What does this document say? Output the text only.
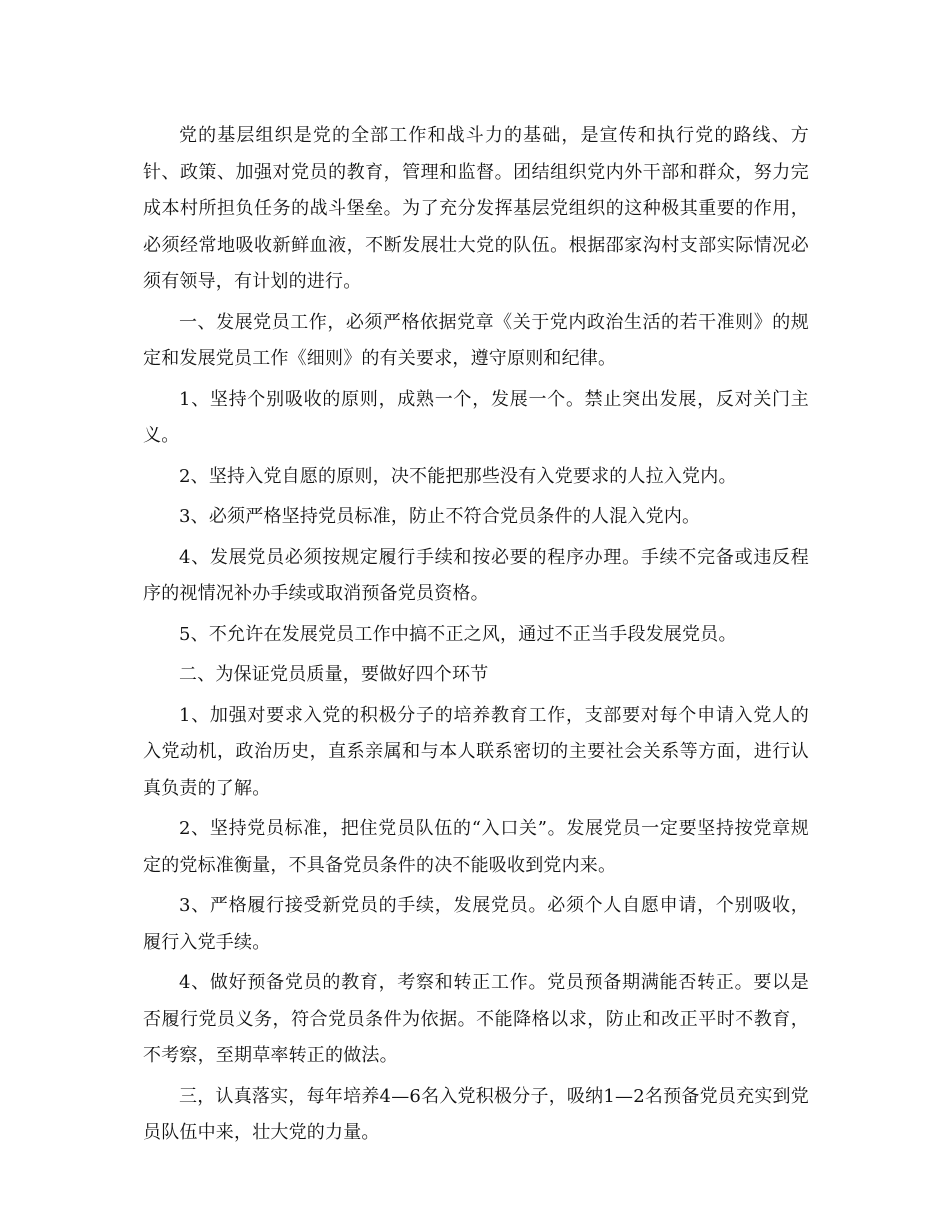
党的基层组织是党的全部工作和战斗力的基础，是宣传和执行党的路线、方针、政策、加强对党员的教育，管理和监督。团结组织党内外干部和群众，努力完成本村所担负任务的战斗堡垒。为了充分发挥基层党组织的这种极其重要的作用，必须经常地吸收新鲜血液，不断发展壮大党的队伍。根据邵家沟村支部实际情况必须有领导，有计划的进行。

一、发展党员工作，必须严格依据党章《关于党内政治生活的若干准则》的规定和发展党员工作《细则》的有关要求，遵守原则和纪律。

1、坚持个别吸收的原则，成熟一个，发展一个。禁止突出发展，反对关门主义。

2、坚持入党自愿的原则，决不能把那些没有入党要求的人拉入党内。

3、必须严格坚持党员标准，防止不符合党员条件的人混入党内。

4、发展党员必须按规定履行手续和按必要的程序办理。手续不完备或违反程序的视情况补办手续或取消预备党员资格。

5、不允许在发展党员工作中搞不正之风，通过不正当手段发展党员。

二、为保证党员质量，要做好四个环节

1、加强对要求入党的积极分子的培养教育工作，支部要对每个申请入党人的入党动机，政治历史，直系亲属和与本人联系密切的主要社会关系等方面，进行认真负责的了解。

2、坚持党员标准，把住党员队伍的“入口关”。发展党员一定要坚持按党章规定的党标准衡量，不具备党员条件的决不能吸收到党内来。

3、严格履行接受新党员的手续，发展党员。必须个人自愿申请，个别吸收，履行入党手续。

4、做好预备党员的教育，考察和转正工作。党员预备期满能否转正。要以是否履行党员义务，符合党员条件为依据。不能降格以求，防止和改正平时不教育，不考察，至期草率转正的做法。

三，认真落实，每年培养4—6名入党积极分子，吸纳1—2名预备党员充实到党员队伍中来，壮大党的力量。
